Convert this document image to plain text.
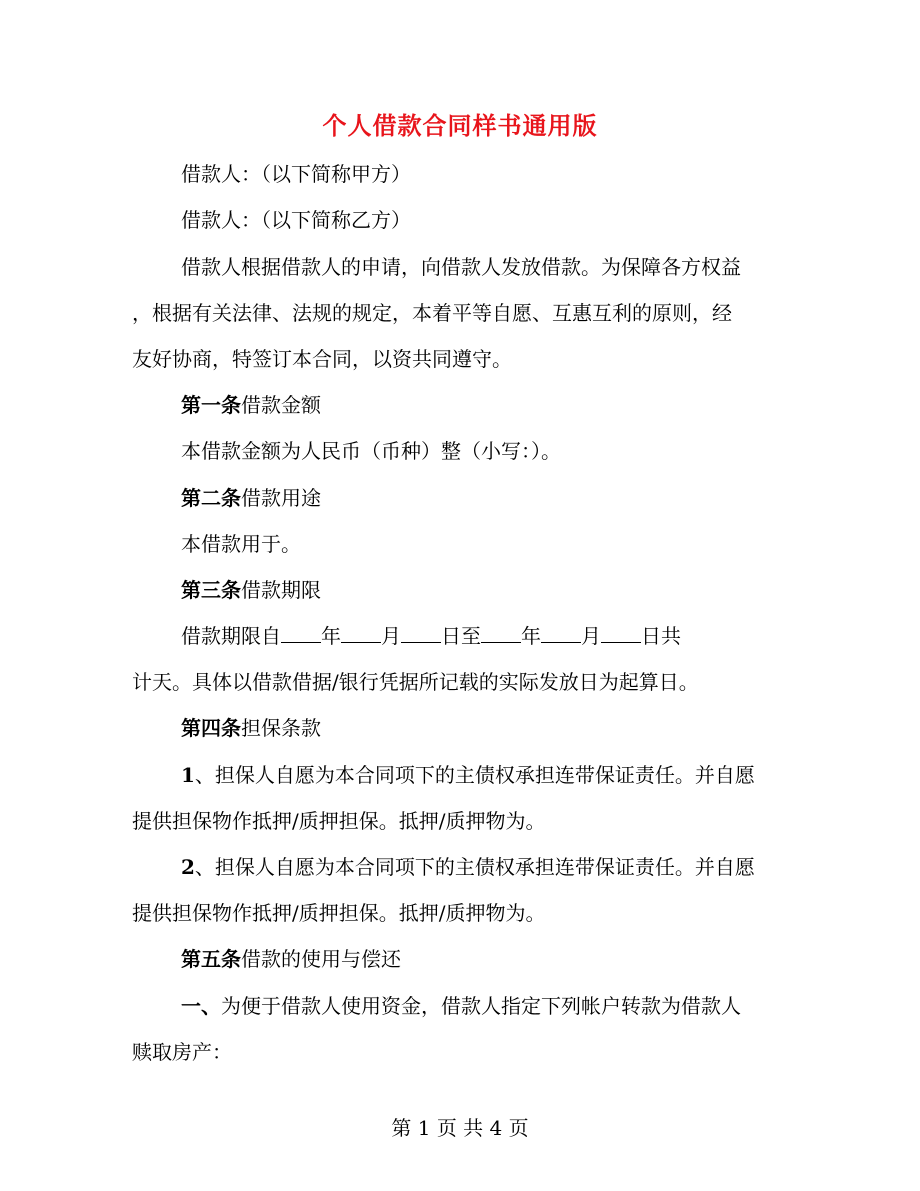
个人借款合同样书通用版
借款人：（以下简称甲方）
借款人：（以下简称乙方）
借款人根据借款人的申请，向借款人发放借款。为保障各方权益
，根据有关法律、法规的规定，本着平等自愿、互惠互利的原则，经
友好协商，特签订本合同，以资共同遵守。
第一条借款金额
本借款金额为人民币（币种）整（小写：）。
第二条借款用途
本借款用于。
第三条借款期限
借款期限自 年 月 日至 年 月 日共
计天。具体以借款借据/银行凭据所记载的实际发放日为起算日。
第四条担保条款
1、担保人自愿为本合同项下的主债权承担连带保证责任。并自愿
提供担保物作抵押/质押担保。抵押/质押物为。
2、担保人自愿为本合同项下的主债权承担连带保证责任。并自愿
提供担保物作抵押/质押担保。抵押/质押物为。
第五条借款的使用与偿还
一、为便于借款人使用资金，借款人指定下列帐户转款为借款人
赎取房产：
第 1 页 共 4 页
